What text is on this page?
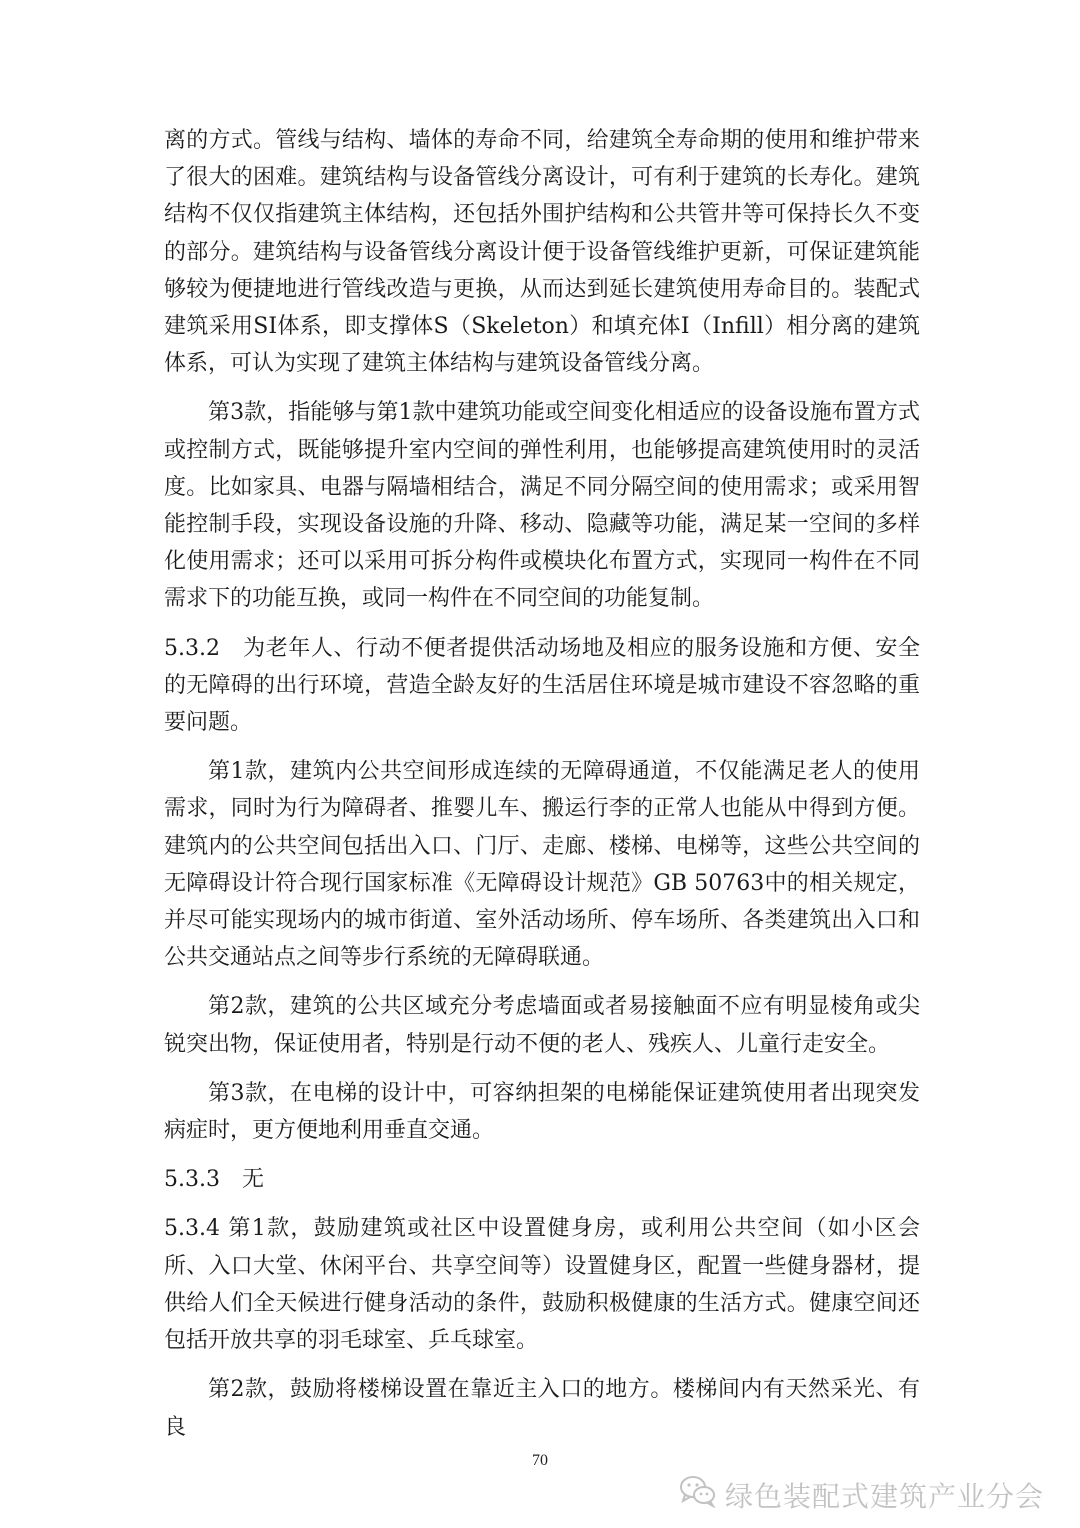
离的方式。管线与结构、墙体的寿命不同，给建筑全寿命期的使用和维护带来了很大的困难。建筑结构与设备管线分离设计，可有利于建筑的长寿化。建筑结构不仅仅指建筑主体结构，还包括外围护结构和公共管井等可保持长久不变的部分。建筑结构与设备管线分离设计便于设备管线维护更新，可保证建筑能够较为便捷地进行管线改造与更换，从而达到延长建筑使用寿命目的。装配式建筑采用SI体系，即支撑体S（Skeleton）和填充体I（Infill）相分离的建筑体系，可认为实现了建筑主体结构与建筑设备管线分离。

第3款，指能够与第1款中建筑功能或空间变化相适应的设备设施布置方式或控制方式，既能够提升室内空间的弹性利用，也能够提高建筑使用时的灵活度。比如家具、电器与隔墙相结合，满足不同分隔空间的使用需求；或采用智能控制手段，实现设备设施的升降、移动、隐藏等功能，满足某一空间的多样化使用需求；还可以采用可拆分构件或模块化布置方式，实现同一构件在不同需求下的功能互换，或同一构件在不同空间的功能复制。

5.3.2　为老年人、行动不便者提供活动场地及相应的服务设施和方便、安全的无障碍的出行环境，营造全龄友好的生活居住环境是城市建设不容忽略的重要问题。

第1款，建筑内公共空间形成连续的无障碍通道，不仅能满足老人的使用需求，同时为行为障碍者、推婴儿车、搬运行李的正常人也能从中得到方便。建筑内的公共空间包括出入口、门厅、走廊、楼梯、电梯等，这些公共空间的无障碍设计符合现行国家标准《无障碍设计规范》GB 50763中的相关规定，并尽可能实现场内的城市街道、室外活动场所、停车场所、各类建筑出入口和公共交通站点之间等步行系统的无障碍联通。

第2款，建筑的公共区域充分考虑墙面或者易接触面不应有明显棱角或尖锐突出物，保证使用者，特别是行动不便的老人、残疾人、儿童行走安全。

第3款，在电梯的设计中，可容纳担架的电梯能保证建筑使用者出现突发病症时，更方便地利用垂直交通。

5.3.3　无

5.3.4 第1款，鼓励建筑或社区中设置健身房，或利用公共空间（如小区会所、入口大堂、休闲平台、共享空间等）设置健身区，配置一些健身器材，提供给人们全天候进行健身活动的条件，鼓励积极健康的生活方式。健康空间还包括开放共享的羽毛球室、乒乓球室。

第2款，鼓励将楼梯设置在靠近主入口的地方。楼梯间内有天然采光、有良

70
绿色装配式建筑产业分会
